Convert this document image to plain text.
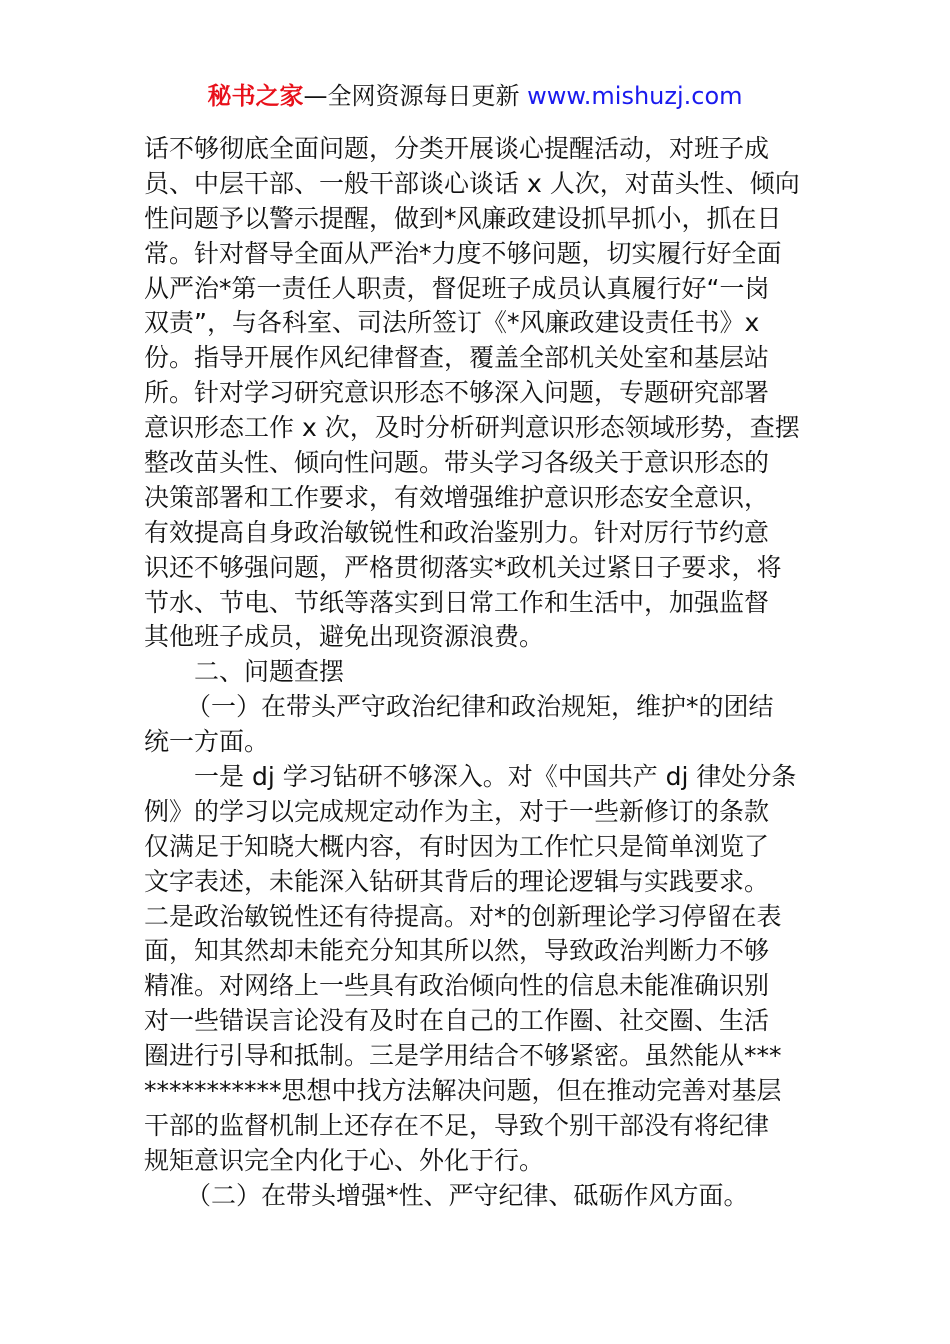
秘书之家—全网资源每日更新 www.mishuzj.com
话不够彻底全面问题，分类开展谈心提醒活动，对班子成
员、中层干部、一般干部谈心谈话 x 人次，对苗头性、倾向
性问题予以警示提醒，做到*风廉政建设抓早抓小，抓在日
常。针对督导全面从严治*力度不够问题，切实履行好全面
从严治*第一责任人职责，督促班子成员认真履行好“一岗
双责”，与各科室、司法所签订《*风廉政建设责任书》x
份。指导开展作风纪律督查，覆盖全部机关处室和基层站
所。针对学习研究意识形态不够深入问题，专题研究部署
意识形态工作 x 次，及时分析研判意识形态领域形势，查摆
整改苗头性、倾向性问题。带头学习各级关于意识形态的
决策部署和工作要求，有效增强维护意识形态安全意识，
有效提高自身政治敏锐性和政治鉴别力。针对厉行节约意
识还不够强问题，严格贯彻落实*政机关过紧日子要求，将
节水、节电、节纸等落实到日常工作和生活中，加强监督
其他班子成员，避免出现资源浪费。
二、问题查摆
（一）在带头严守政治纪律和政治规矩，维护*的团结
统一方面。
一是 dj 学习钻研不够深入。对《中国共产 dj 律处分条
例》的学习以完成规定动作为主，对于一些新修订的条款
仅满足于知晓大概内容，有时因为工作忙只是简单浏览了
文字表述，未能深入钻研其背后的理论逻辑与实践要求。
二是政治敏锐性还有待提高。对*的创新理论学习停留在表
面，知其然却未能充分知其所以然，导致政治判断力不够
精准。对网络上一些具有政治倾向性的信息未能准确识别
对一些错误言论没有及时在自己的工作圈、社交圈、生活
圈进行引导和抵制。三是学用结合不够紧密。虽然能从***
***********思想中找方法解决问题，但在推动完善对基层
干部的监督机制上还存在不足，导致个别干部没有将纪律
规矩意识完全内化于心、外化于行。
（二）在带头增强*性、严守纪律、砥砺作风方面。
